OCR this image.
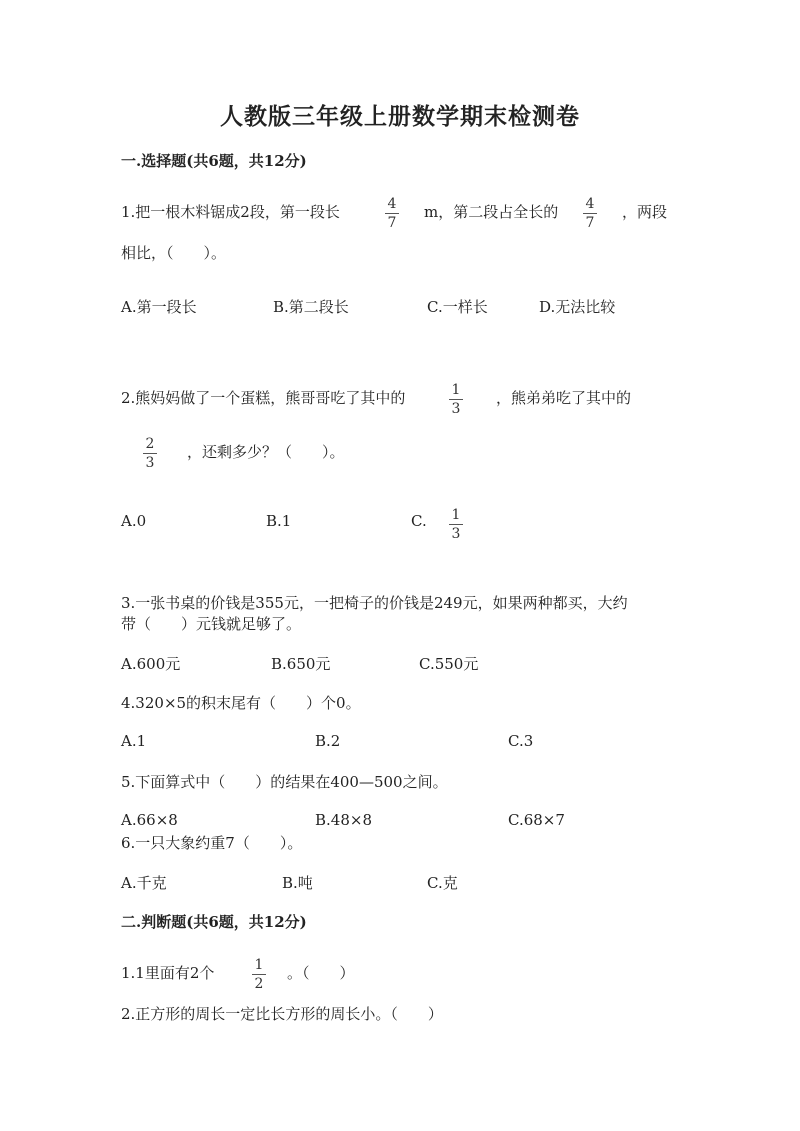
人教版三年级上册数学期末检测卷
一.选择题(共6题，共12分)
1.把一根木料锯成2段，第一段长	4
7
m，第二段占全长的 4
7
，两段
相比，（　　）。
A.第一段长	B.第二段长	C.一样长	D.无法比较
2.熊妈妈做了一个蛋糕，熊哥哥吃了其中的	1
3
，熊弟弟吃了其中的
2
3
，还剩多少？（　　）。
A.0	B.1	C. 1
3
3.一张书桌的价钱是355元，一把椅子的价钱是249元，如果两种都买，大约
带（　　）元钱就足够了。
A.600元	B.650元	C.550元
4.320×5的积末尾有（　　）个0。
A.1	B.2	C.3
5.下面算式中（　　）的结果在400—500之间。
A.66×8	B.48×8	C.68×7
6.一只大象约重7（　　）。
A.千克	B.吨	C.克
二.判断题(共6题，共12分)
1.1里面有2个	1
2
。（　　）
2.正方形的周长一定比长方形的周长小。（　　）
